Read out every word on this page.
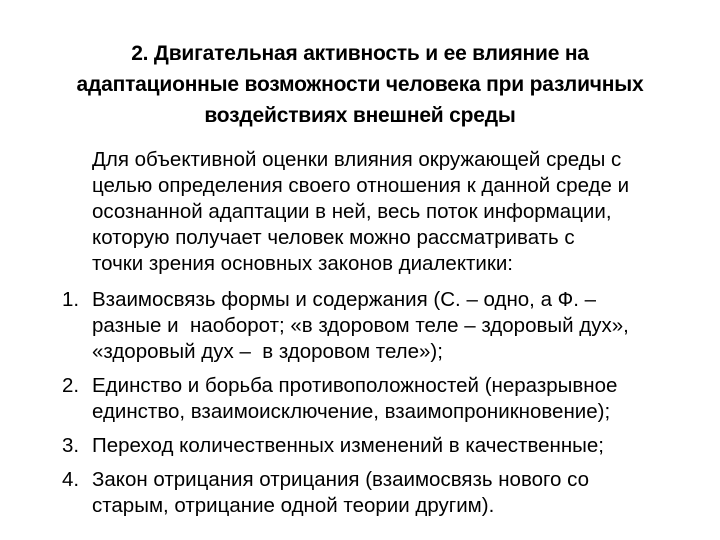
2. Двигательная активность и ее влияние на
адаптационные возможности человека при различных
воздействиях внешней среды
Для объективной оценки влияния окружающей среды с
целью определения своего отношения к данной среде и
осознанной адаптации в ней, весь поток информации,
которую получает человек можно рассматривать с
точки зрения основных законов диалектики:
1. Взаимосвязь формы и содержания (С. – одно, а Ф. –
разные и  наоборот; «в здоровом теле – здоровый дух»,
«здоровый дух –  в здоровом теле»);
2. Единство и борьба противоположностей (неразрывное
единство, взаимоисключение, взаимопроникновение);
3. Переход количественных изменений в качественные;
4. Закон отрицания отрицания (взаимосвязь нового со
старым, отрицание одной теории другим).
